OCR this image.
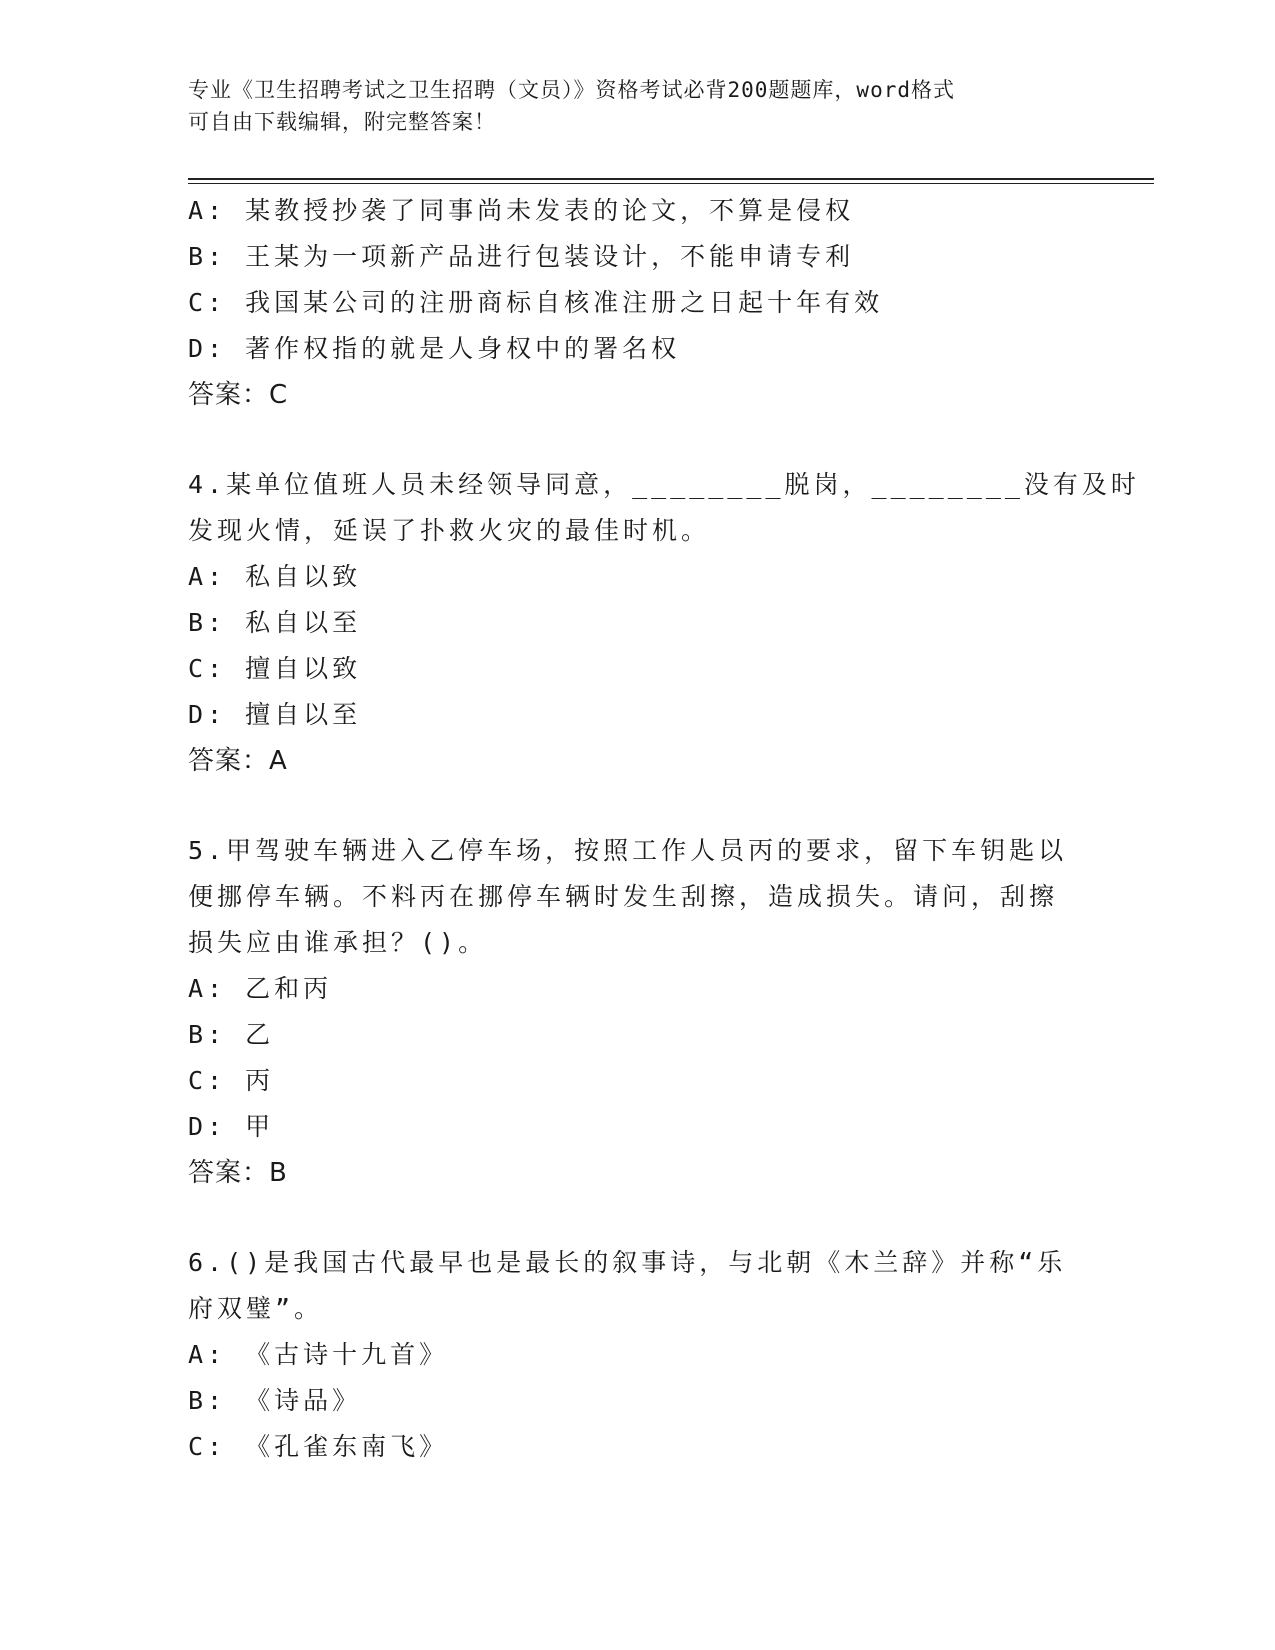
专业《卫生招聘考试之卫生招聘（文员）》资格考试必背200题题库，word格式
可自由下载编辑，附完整答案！
A: 某教授抄袭了同事尚未发表的论文，不算是侵权
B: 王某为一项新产品进行包装设计，不能申请专利
C: 我国某公司的注册商标自核准注册之日起十年有效
D: 著作权指的就是人身权中的署名权
答案：C
4.某单位值班人员未经领导同意，________脱岗，________没有及时
发现火情，延误了扑救火灾的最佳时机。
A: 私自以致
B: 私自以至
C: 擅自以致
D: 擅自以至
答案：A
5.甲驾驶车辆进入乙停车场，按照工作人员丙的要求，留下车钥匙以
便挪停车辆。不料丙在挪停车辆时发生刮擦，造成损失。请问，刮擦
损失应由谁承担？()。
A: 乙和丙
B: 乙
C: 丙
D: 甲
答案：B
6.()是我国古代最早也是最长的叙事诗，与北朝《木兰辞》并称“乐
府双璧”。
A: 《古诗十九首》
B: 《诗品》
C: 《孔雀东南飞》
